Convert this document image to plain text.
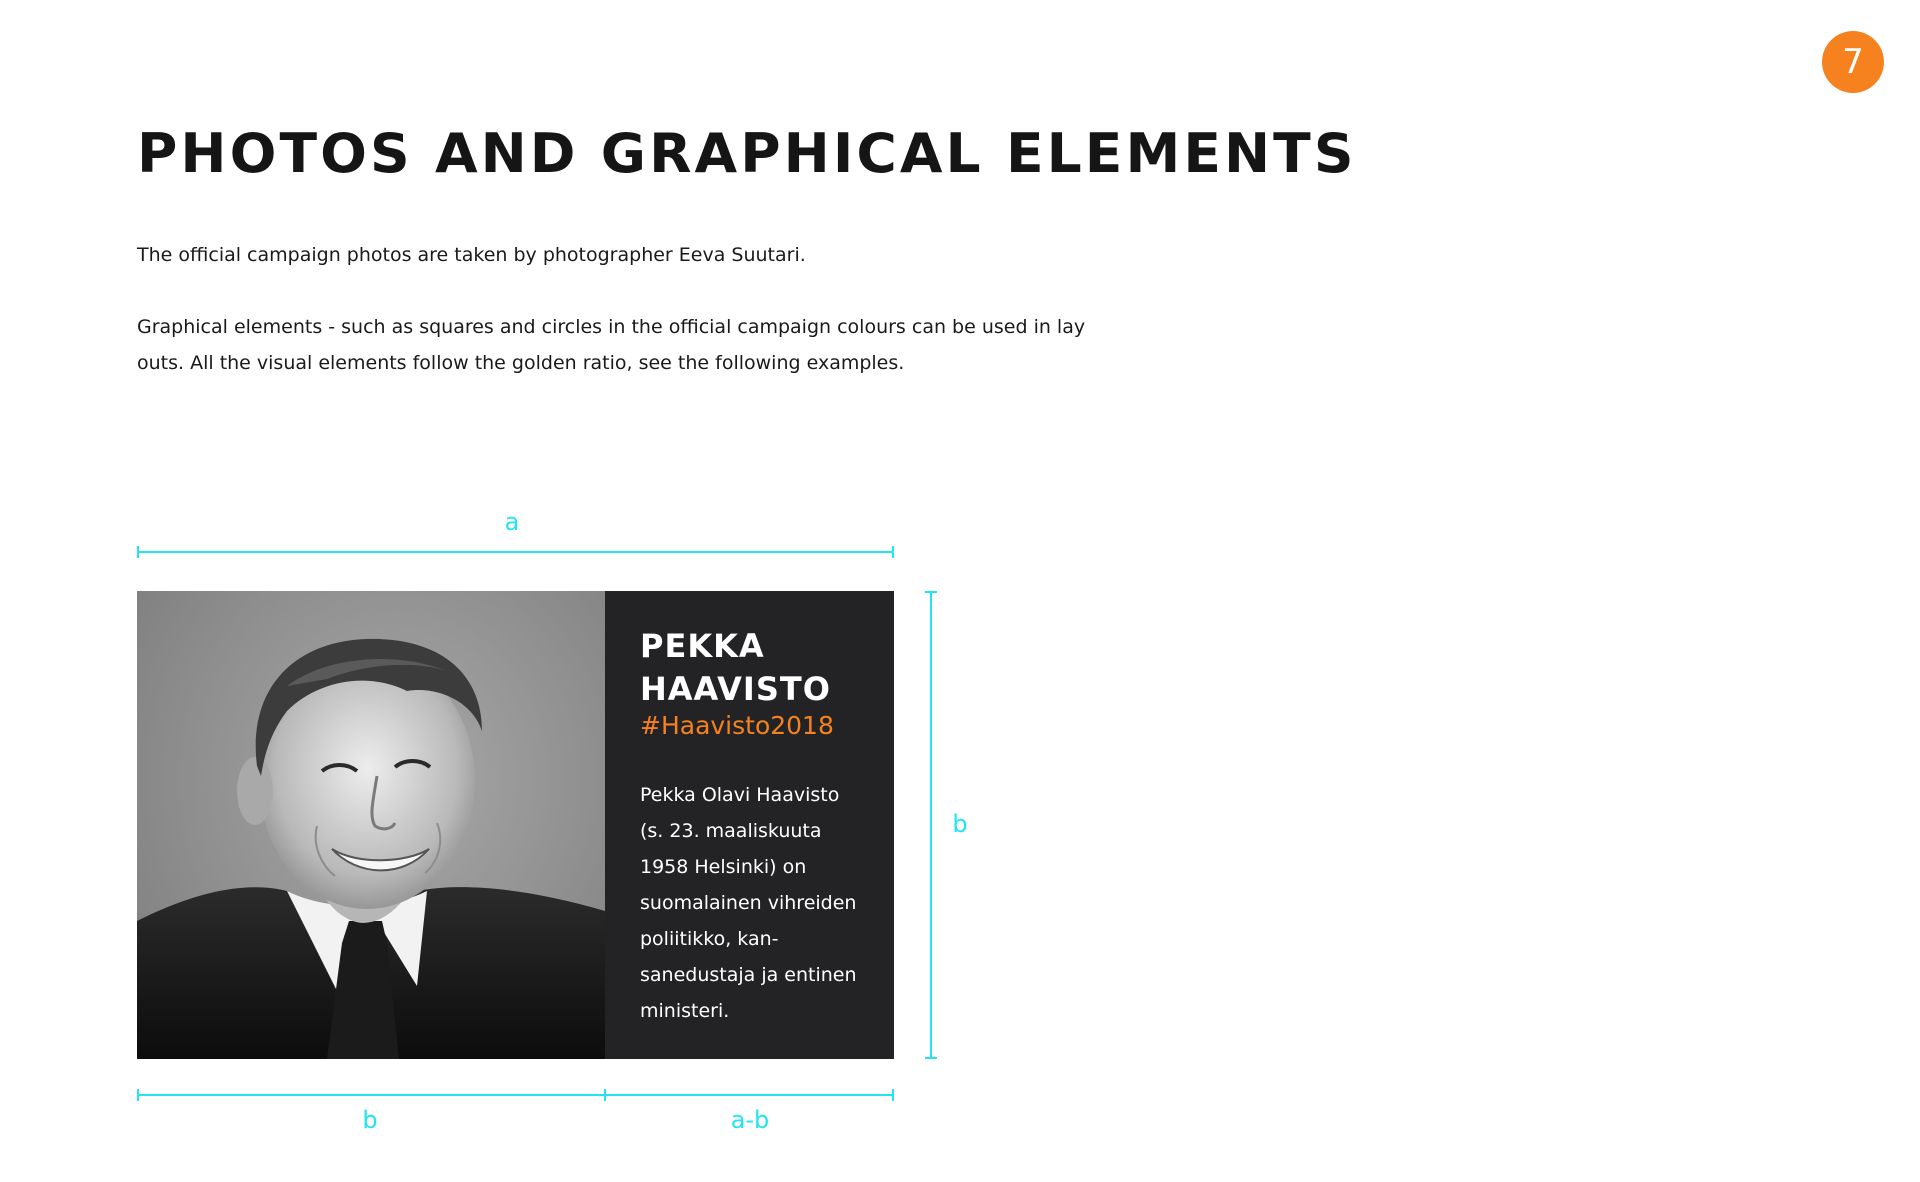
7
PHOTOS AND GRAPHICAL ELEMENTS

The official campaign photos are taken by photographer Eeva Suutari.

Graphical elements - such as squares and circles in the official campaign colours can be used in lay outs. All the visual elements follow the golden ratio, see the following examples.

a
b
PEKKA HAAVISTO

#Haavisto2018

Pekka Olavi Haavisto (s. 23. maaliskuuta 1958 Helsinki) on suomalainen vihreiden poliitikko, kan-sanedustaja ja entinen ministeri.

b	a-b
